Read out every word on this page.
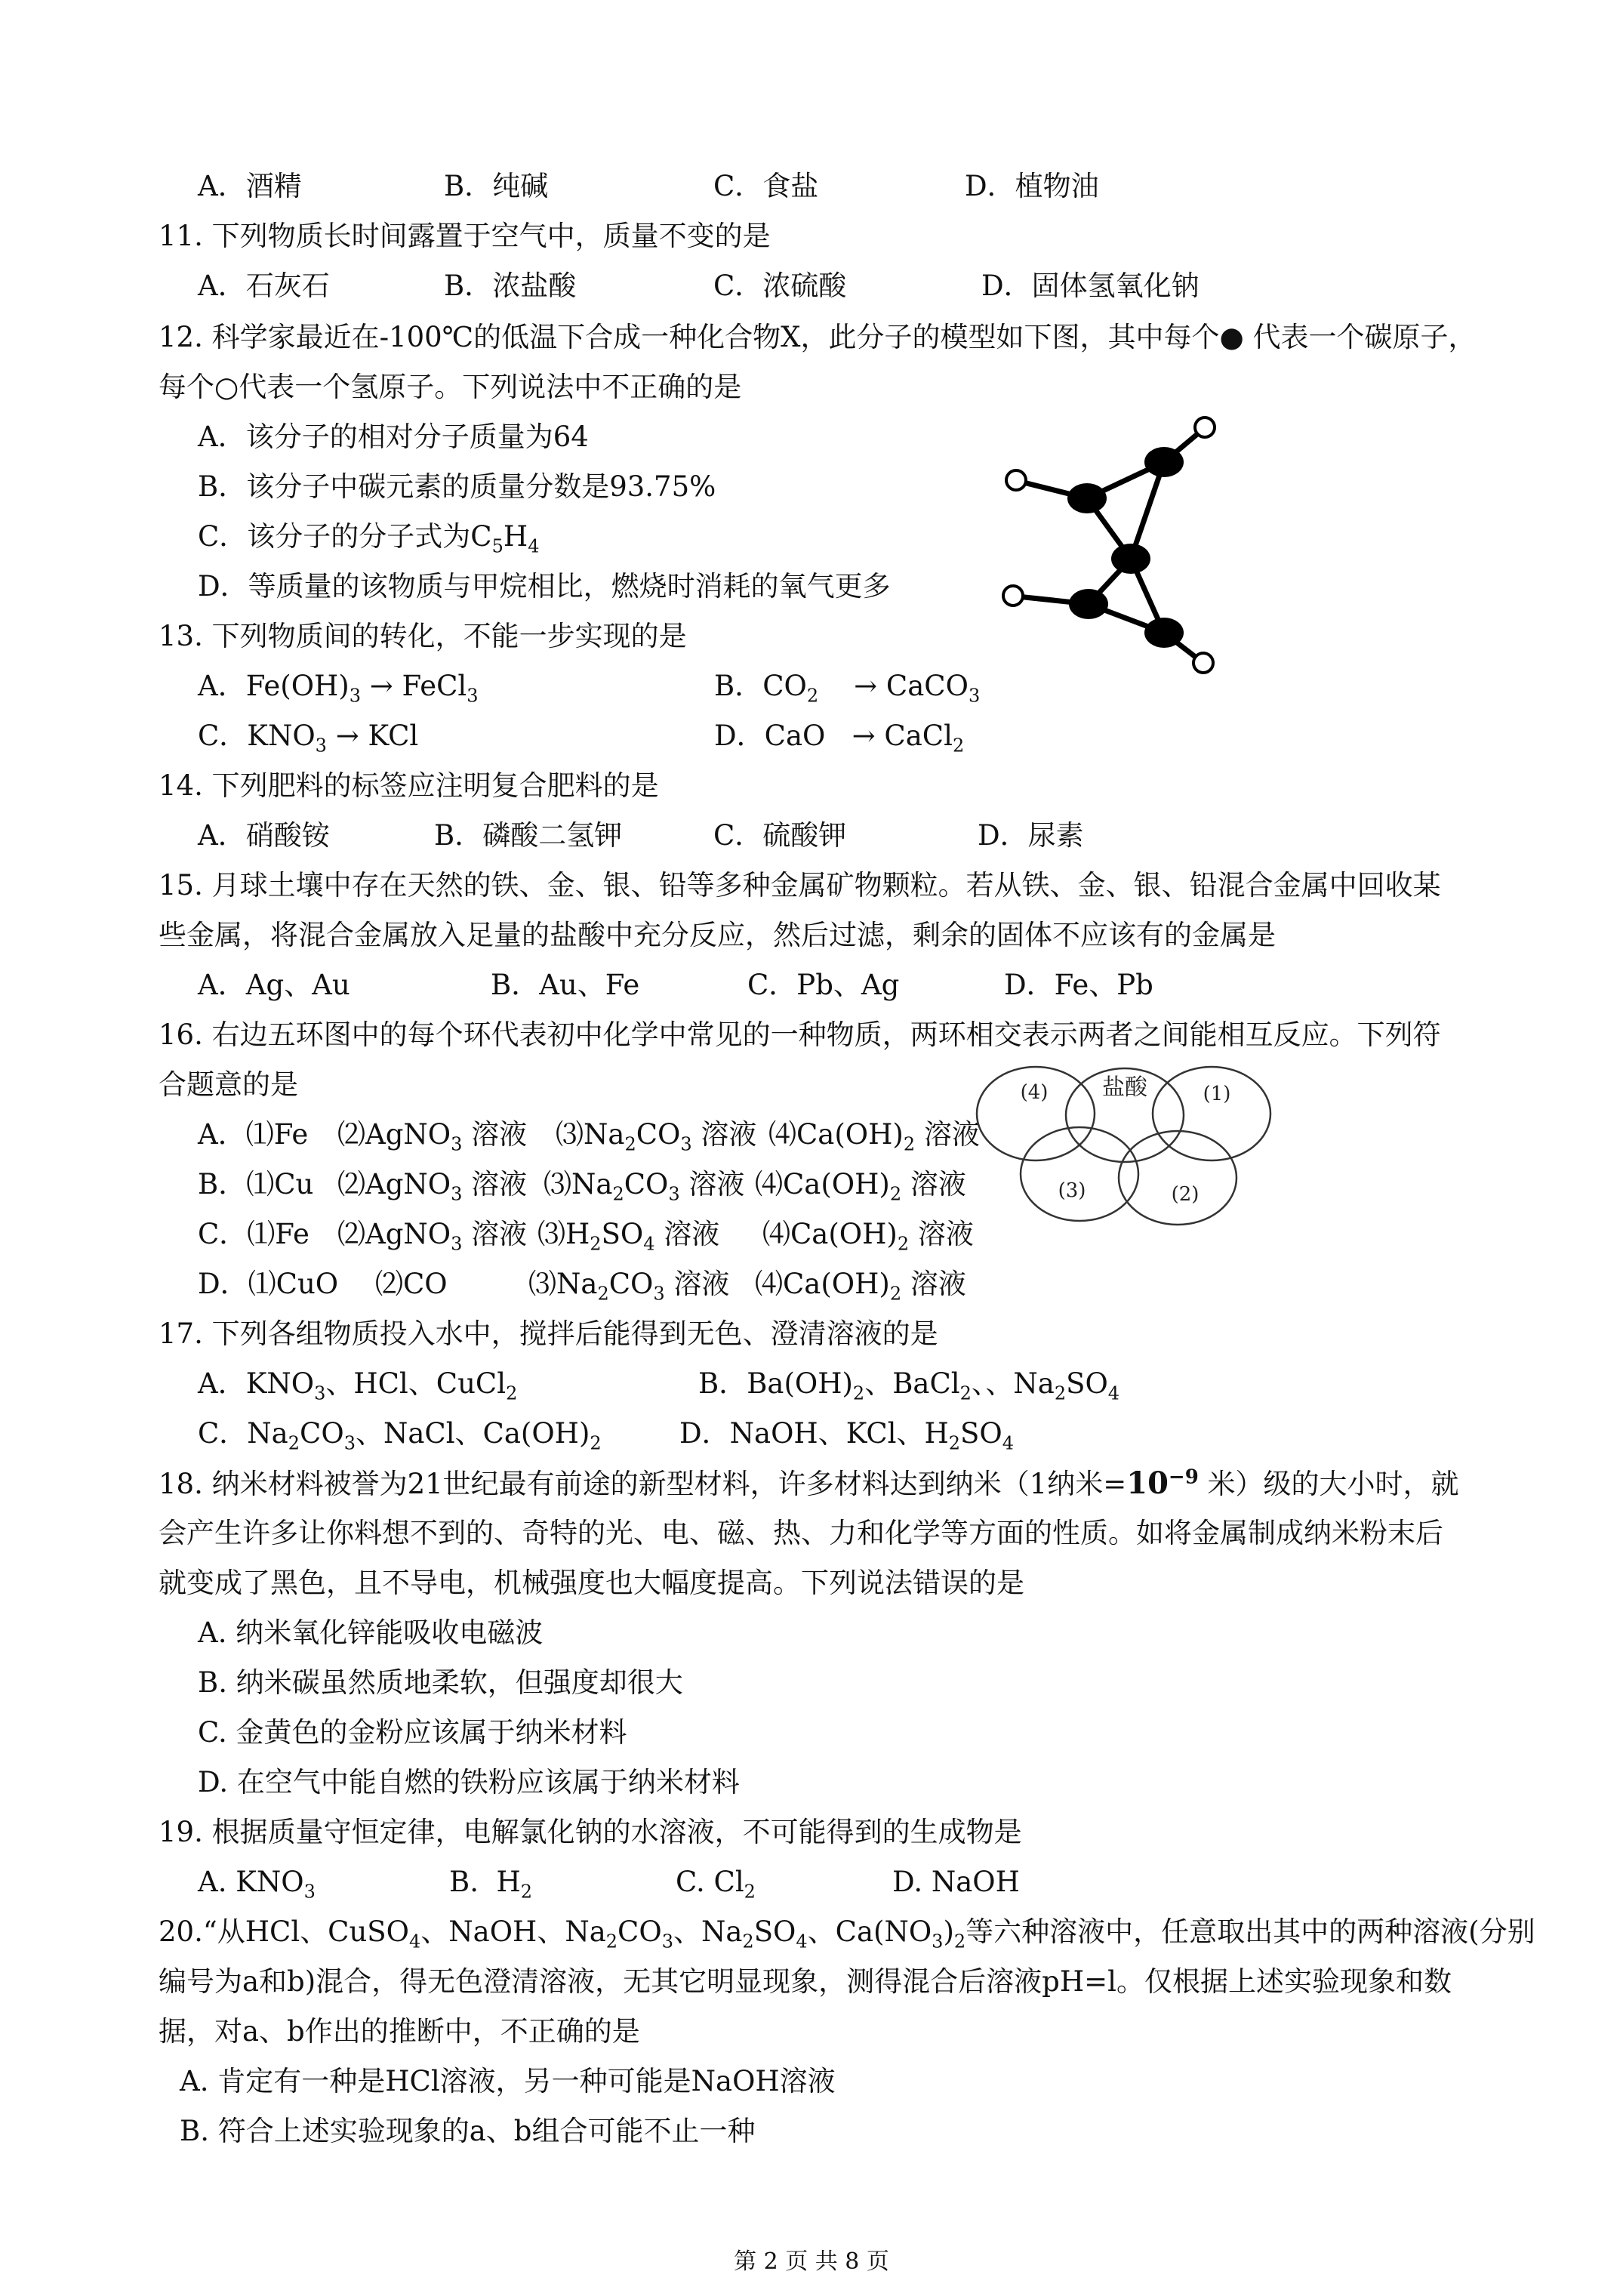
A．酒精	B．纯碱	C．食盐	D．植物油
11. 下列物质长时间露置于空气中，质量不变的是
A．石灰石	B．浓盐酸	C．浓硫酸	D．固体氢氧化钠
12. 科学家最近在-100℃的低温下合成一种化合物X，此分子的模型如下图，其中每个● 代表一个碳原子，
每个○代表一个氢原子。下列说法中不正确的是
A．该分子的相对分子质量为64
B．该分子中碳元素的质量分数是93.75%
C．该分子的分子式为$C_5H_4$
D．等质量的该物质与甲烷相比，燃烧时消耗的氧气更多
13. 下列物质间的转化，不能一步实现的是
A．$Fe(OH)_3$ → FeCl$_3$	B．$CO_2$    → CaCO$_3$
C．$KNO_3$ → KCl	D．CaO   → CaCl$_2$
14. 下列肥料的标签应注明复合肥料的是
A．硝酸铵	B．磷酸二氢钾	C．硫酸钾	D．尿素
15. 月球土壤中存在天然的铁、金、银、铅等多种金属矿物颗粒。若从铁、金、银、铅混合金属中回收某
些金属，将混合金属放入足量的盐酸中充分反应，然后过滤，剩余的固体不应该有的金属是
A．Ag、Au	B．Au、Fe	C．Pb、Ag	D．Fe、Pb
16. 右边五环图中的每个环代表初中化学中常见的一种物质，两环相交表示两者之间能相互反应。下列符
合题意的是
A．⑴Fe ⑵AgNO$_3$ 溶液 $⑶Na_2CO_3$ 溶液 $⑷Ca(OH)_2$ 溶液
B．⑴Cu ⑵AgNO$_3$ 溶液 $⑶Na_2CO_3$ 溶液 $⑷Ca(OH)_2$ 溶液
C．⑴Fe ⑵AgNO$_3$ 溶液 $⑶H_2SO_4$ 溶液 $⑷Ca(OH)_2$ 溶液
D．⑴CuO ⑵CO	$⑶Na_2CO_3$ 溶液 $⑷Ca(OH)_2$ 溶液
(4) 盐酸	(1)
(3)	(2)
17. 下列各组物质投入水中，搅拌后能得到无色、澄清溶液的是
A．$KNO_3$、HCl、CuCl$_2$	B．$Ba(OH)_2$、BaCl$_2$、、$Na_2SO_4$
C．$Na_2CO_3$、NaCl、$Ca(OH)_2$	D．NaOH、KCl、$H_2SO_4$
18. 纳米材料被誉为21世纪最有前途的新型材料，许多材料达到纳米（1纳米$=10^{-9}$ 米）级的大小时，就
会产生许多让你料想不到的、奇特的光、电、磁、热、力和化学等方面的性质。如将金属制成纳米粉末后
就变成了黑色，且不导电，机械强度也大幅度提高。下列说法错误的是
A. 纳米氧化锌能吸收电磁波
B. 纳米碳虽然质地柔软，但强度却很大
C. 金黄色的金粉应该属于纳米材料
D. 在空气中能自燃的铁粉应该属于纳米材料
19. 根据质量守恒定律，电解氯化钠的水溶液，不可能得到的生成物是
A. $KNO_3$	B.  $H_2$	C. $Cl_2$	D. NaOH
20.“从HCl、CuSO$_4$、NaOH、$Na_2CO_3$、$Na_2SO_4$、$Ca(NO_3)_2$等六种溶液中，任意取出其中的两种溶液(分别
编号为a和b)混合，得无色澄清溶液，无其它明显现象，测得混合后溶液pH=l。仅根据上述实验现象和数
据，对a、b作出的推断中，不正确的是
A. 肯定有一种是HCl溶液，另一种可能是NaOH溶液
B. 符合上述实验现象的a、b组合可能不止一种
第 2 页 共 8 页
